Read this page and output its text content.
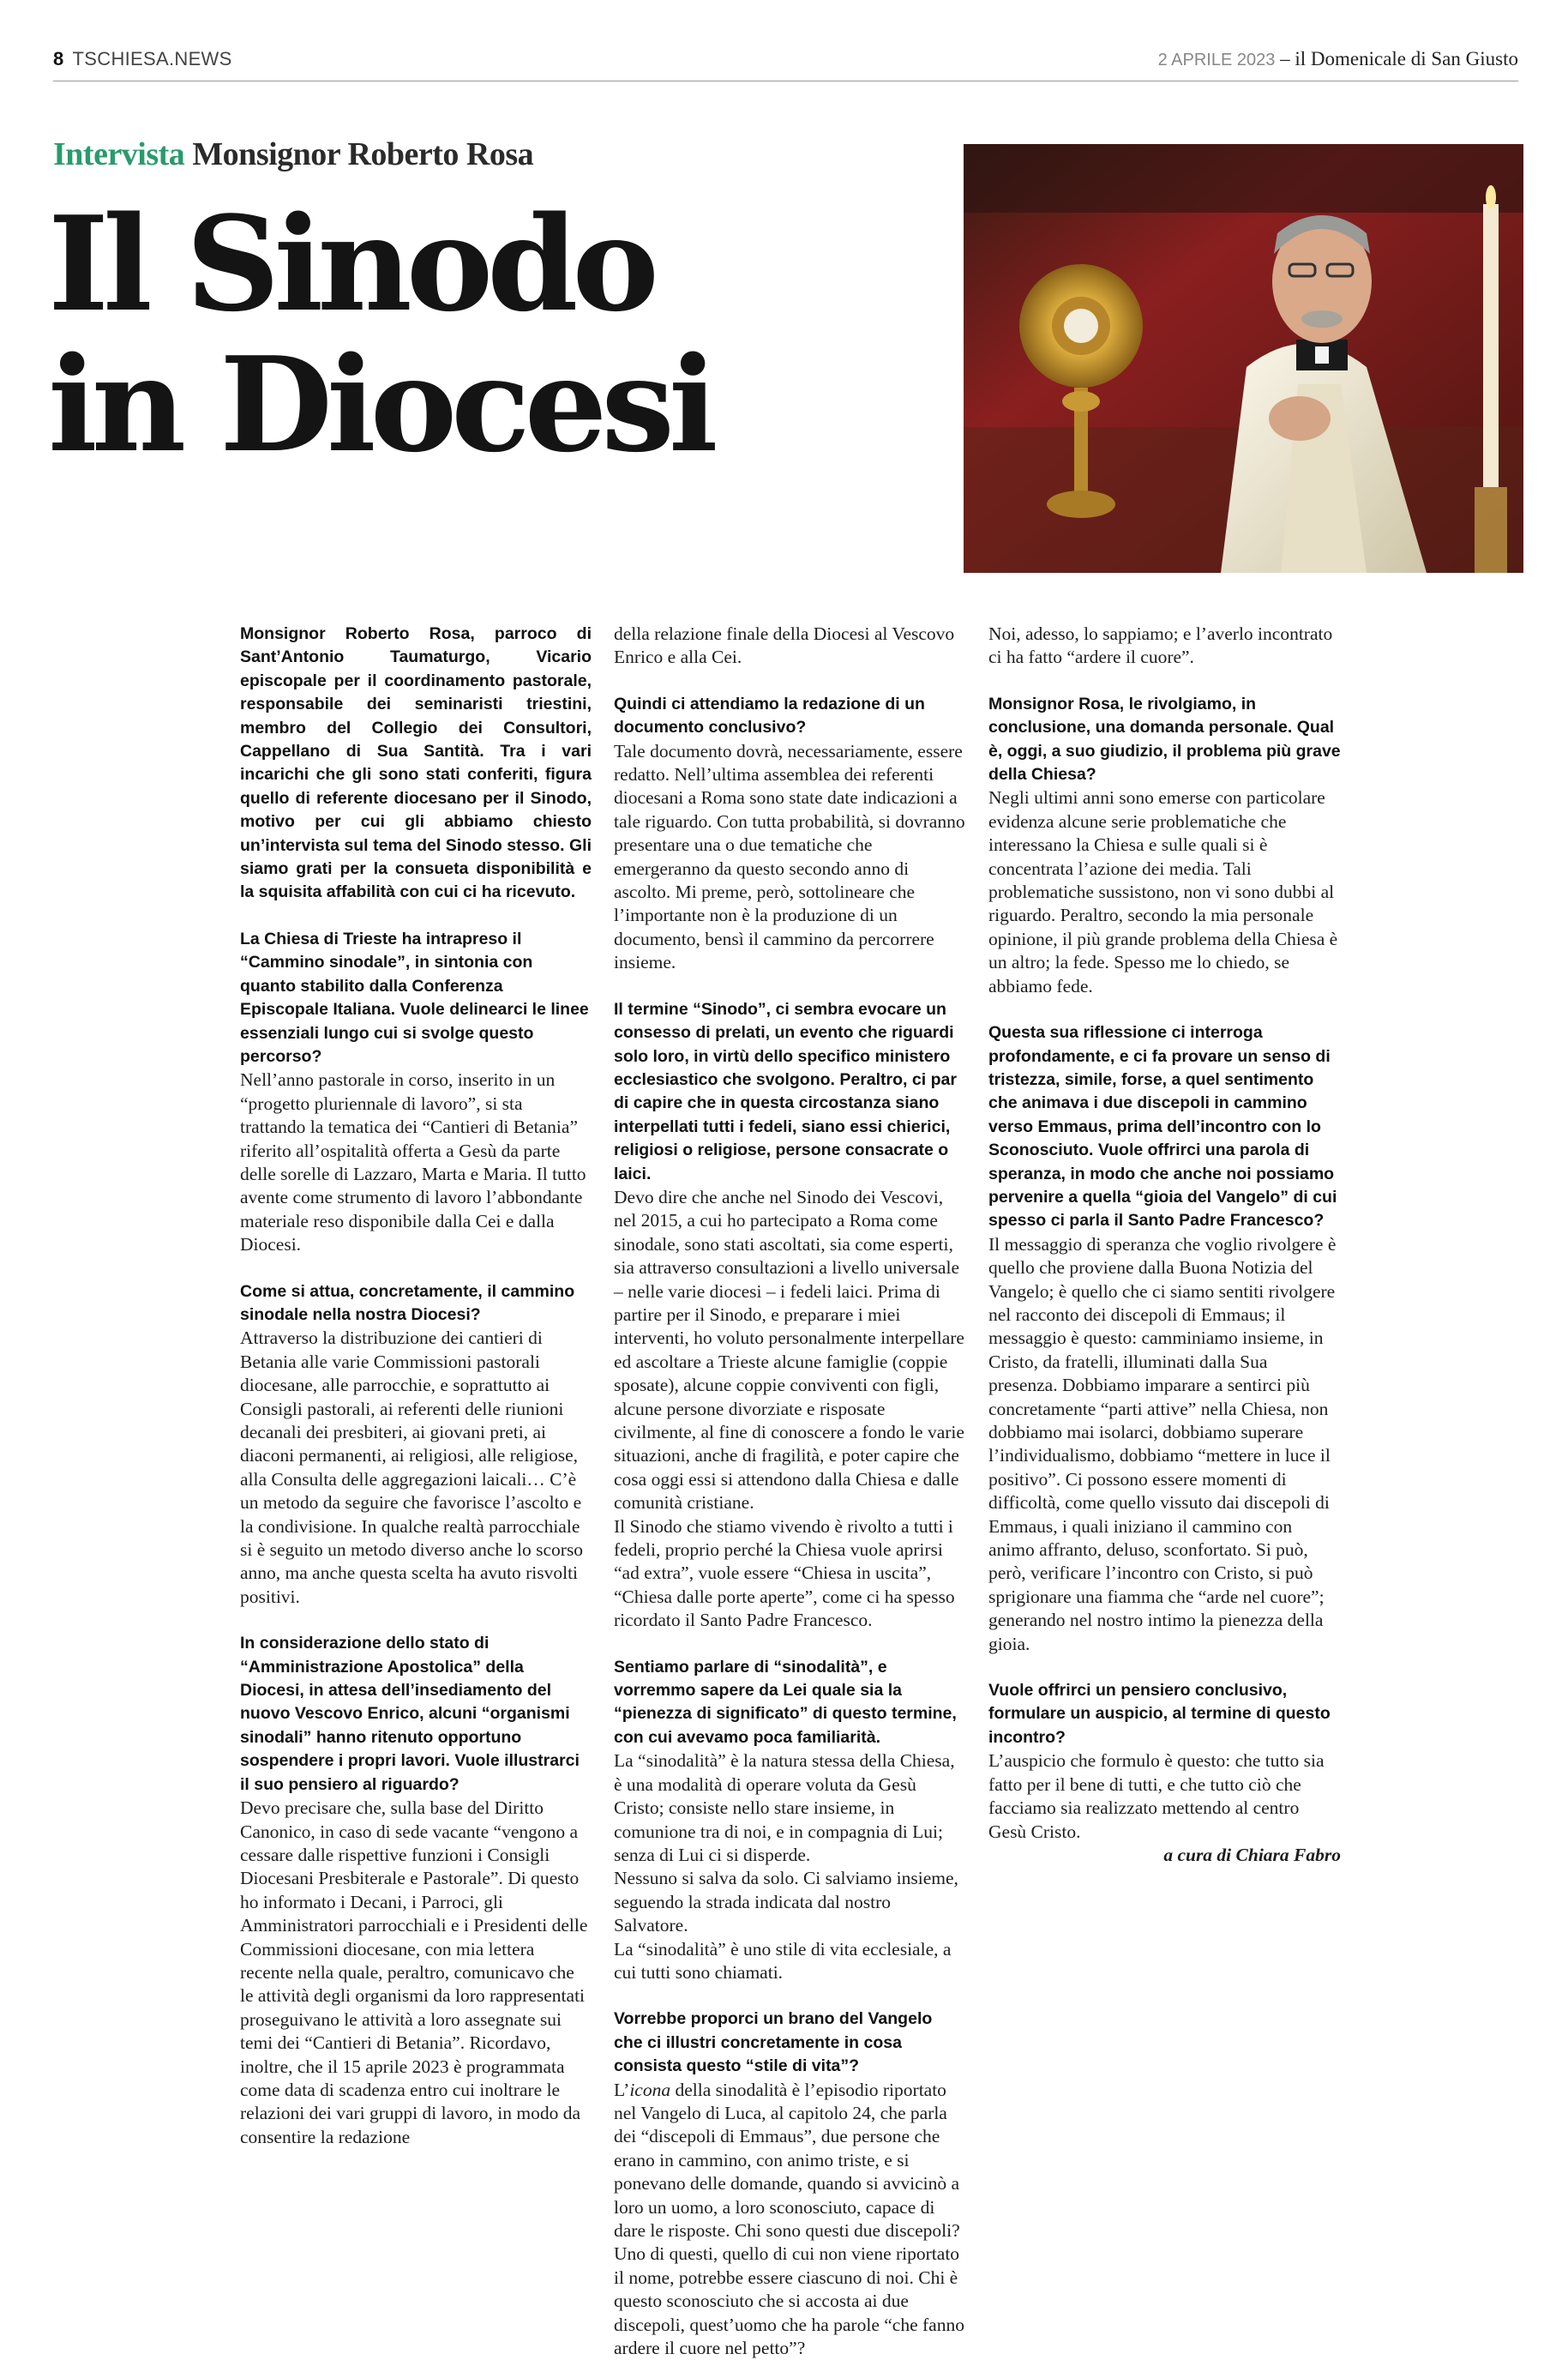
8 TSCHIESA.NEWS	2 APRILE 2023 – il Domenicale di San Giusto
Intervista Monsignor Roberto Rosa
Il Sinodo
in Diocesi

Monsignor Roberto Rosa, parroco di Sant’Antonio Taumaturgo, Vicario episcopale per il coordinamento pastorale, responsabile dei seminaristi triestini, membro del Collegio dei Consultori, Cappellano di Sua Santità. Tra i vari incarichi che gli sono stati conferiti, figura quello di referente diocesano per il Sinodo, motivo per cui gli abbiamo chiesto un’intervista sul tema del Sinodo stesso. Gli siamo grati per la consueta disponibilità e la squisita affabilità con cui ci ha ricevuto.

La Chiesa di Trieste ha intrapreso il “Cammino sinodale”, in sintonia con quanto stabilito dalla Conferenza Episcopale Italiana. Vuole delinearci le linee essenziali lungo cui si svolge questo percorso?

Nell’anno pastorale in corso, inserito in un “progetto pluriennale di lavoro”, si sta trattando la tematica dei “Cantieri di Betania” riferito all’ospitalità offerta a Gesù da parte delle sorelle di Lazzaro, Marta e Maria. Il tutto avente come strumento di lavoro l’abbondante materiale reso disponibile dalla Cei e dalla Diocesi.

Come si attua, concretamente, il cammino sinodale nella nostra Diocesi?

Attraverso la distribuzione dei cantieri di Betania alle varie Commissioni pastorali diocesane, alle parrocchie, e soprattutto ai Consigli pastorali, ai referenti delle riunioni decanali dei presbiteri, ai giovani preti, ai diaconi permanenti, ai religiosi, alle religiose, alla Consulta delle aggregazioni laicali… C’è un metodo da seguire che favorisce l’ascolto e la condivisione. In qualche realtà parrocchiale si è seguito un metodo diverso anche lo scorso anno, ma anche questa scelta ha avuto risvolti positivi.

In considerazione dello stato di “Amministrazione Apostolica” della Diocesi, in attesa dell’insediamento del nuovo Vescovo Enrico, alcuni “organismi sinodali” hanno ritenuto opportuno sospendere i propri lavori. Vuole illustrarci il suo pensiero al riguardo?

Devo precisare che, sulla base del Diritto Canonico, in caso di sede vacante “vengono a cessare dalle rispettive funzioni i Consigli Diocesani Presbiterale e Pastorale”. Di questo ho informato i Decani, i Parroci, gli Amministratori parrocchiali e i Presidenti delle Commissioni diocesane, con mia lettera recente nella quale, peraltro, comunicavo che le attività degli organismi da loro rappresentati proseguivano le attività a loro assegnate sui temi dei “Cantieri di Betania”. Ricordavo, inoltre, che il 15 aprile 2023 è programmata come data di scadenza entro cui inoltrare le relazioni dei vari gruppi di lavoro, in modo da consentire la redazione

della relazione finale della Diocesi al Vescovo Enrico e alla Cei.

Quindi ci attendiamo la redazione di un documento conclusivo?

Tale documento dovrà, necessariamente, essere redatto. Nell’ultima assemblea dei referenti diocesani a Roma sono state date indicazioni a tale riguardo. Con tutta probabilità, si dovranno presentare una o due tematiche che emergeranno da questo secondo anno di ascolto. Mi preme, però, sottolineare che l’importante non è la produzione di un documento, bensì il cammino da percorrere insieme.

Il termine “Sinodo”, ci sembra evocare un consesso di prelati, un evento che riguardi solo loro, in virtù dello specifico ministero ecclesiastico che svolgono. Peraltro, ci par di capire che in questa circostanza siano interpellati tutti i fedeli, siano essi chierici, religiosi o religiose, persone consacrate o laici.

Devo dire che anche nel Sinodo dei Vescovi, nel 2015, a cui ho partecipato a Roma come sinodale, sono stati ascoltati, sia come esperti, sia attraverso consultazioni a livello universale – nelle varie diocesi – i fedeli laici. Prima di partire per il Sinodo, e preparare i miei interventi, ho voluto personalmente interpellare ed ascoltare a Trieste alcune famiglie (coppie sposate), alcune coppie conviventi con figli, alcune persone divorziate e risposate civilmente, al fine di conoscere a fondo le varie situazioni, anche di fragilità, e poter capire che cosa oggi essi si attendono dalla Chiesa e dalle comunità cristiane.

Il Sinodo che stiamo vivendo è rivolto a tutti i fedeli, proprio perché la Chiesa vuole aprirsi “ad extra”, vuole essere “Chiesa in uscita”, “Chiesa dalle porte aperte”, come ci ha spesso ricordato il Santo Padre Francesco.

Sentiamo parlare di “sinodalità”, e vorremmo sapere da Lei quale sia la “pienezza di significato” di questo termine, con cui avevamo poca familiarità.

La “sinodalità” è la natura stessa della Chiesa, è una modalità di operare voluta da Gesù Cristo; consiste nello stare insieme, in comunione tra di noi, e in compagnia di Lui; senza di Lui ci si disperde.

Nessuno si salva da solo. Ci salviamo insieme, seguendo la strada indicata dal nostro Salvatore.

La “sinodalità” è uno stile di vita ecclesiale, a cui tutti sono chiamati.

Vorrebbe proporci un brano del Vangelo che ci illustri concretamente in cosa consista questo “stile di vita”?

L’icona della sinodalità è l’episodio riportato nel Vangelo di Luca, al capitolo 24, che parla dei “discepoli di Emmaus”, due persone che erano in cammino, con animo triste, e si ponevano delle domande, quando si avvicinò a loro un uomo, a loro sconosciuto, capace di dare le risposte. Chi sono questi due discepoli? Uno di questi, quello di cui non viene riportato il nome, potrebbe essere ciascuno di noi. Chi è questo sconosciuto che si accosta ai due discepoli, quest’uomo che ha parole “che fanno ardere il cuore nel petto”?

Noi, adesso, lo sappiamo; e l’averlo incontrato ci ha fatto “ardere il cuore”.

Monsignor Rosa, le rivolgiamo, in conclusione, una domanda personale. Qual è, oggi, a suo giudizio, il problema più grave della Chiesa?

Negli ultimi anni sono emerse con particolare evidenza alcune serie problematiche che interessano la Chiesa e sulle quali si è concentrata l’azione dei media. Tali problematiche sussistono, non vi sono dubbi al riguardo. Peraltro, secondo la mia personale opinione, il più grande problema della Chiesa è un altro; la fede. Spesso me lo chiedo, se abbiamo fede.

Questa sua riflessione ci interroga profondamente, e ci fa provare un senso di tristezza, simile, forse, a quel sentimento che animava i due discepoli in cammino verso Emmaus, prima dell’incontro con lo Sconosciuto. Vuole offrirci una parola di speranza, in modo che anche noi possiamo pervenire a quella “gioia del Vangelo” di cui spesso ci parla il Santo Padre Francesco?

Il messaggio di speranza che voglio rivolgere è quello che proviene dalla Buona Notizia del Vangelo; è quello che ci siamo sentiti rivolgere nel racconto dei discepoli di Emmaus; il messaggio è questo: camminiamo insieme, in Cristo, da fratelli, illuminati dalla Sua presenza. Dobbiamo imparare a sentirci più concretamente “parti attive” nella Chiesa, non dobbiamo mai isolarci, dobbiamo superare l’individualismo, dobbiamo “mettere in luce il positivo”. Ci possono essere momenti di difficoltà, come quello vissuto dai discepoli di Emmaus, i quali iniziano il cammino con animo affranto, deluso, sconfortato. Si può, però, verificare l’incontro con Cristo, si può sprigionare una fiamma che “arde nel cuore”; generando nel nostro intimo la pienezza della gioia.

Vuole offrirci un pensiero conclusivo, formulare un auspicio, al termine di questo incontro?

L’auspicio che formulo è questo: che tutto sia fatto per il bene di tutti, e che tutto ciò che facciamo sia realizzato mettendo al centro Gesù Cristo.

a cura di Chiara Fabro
